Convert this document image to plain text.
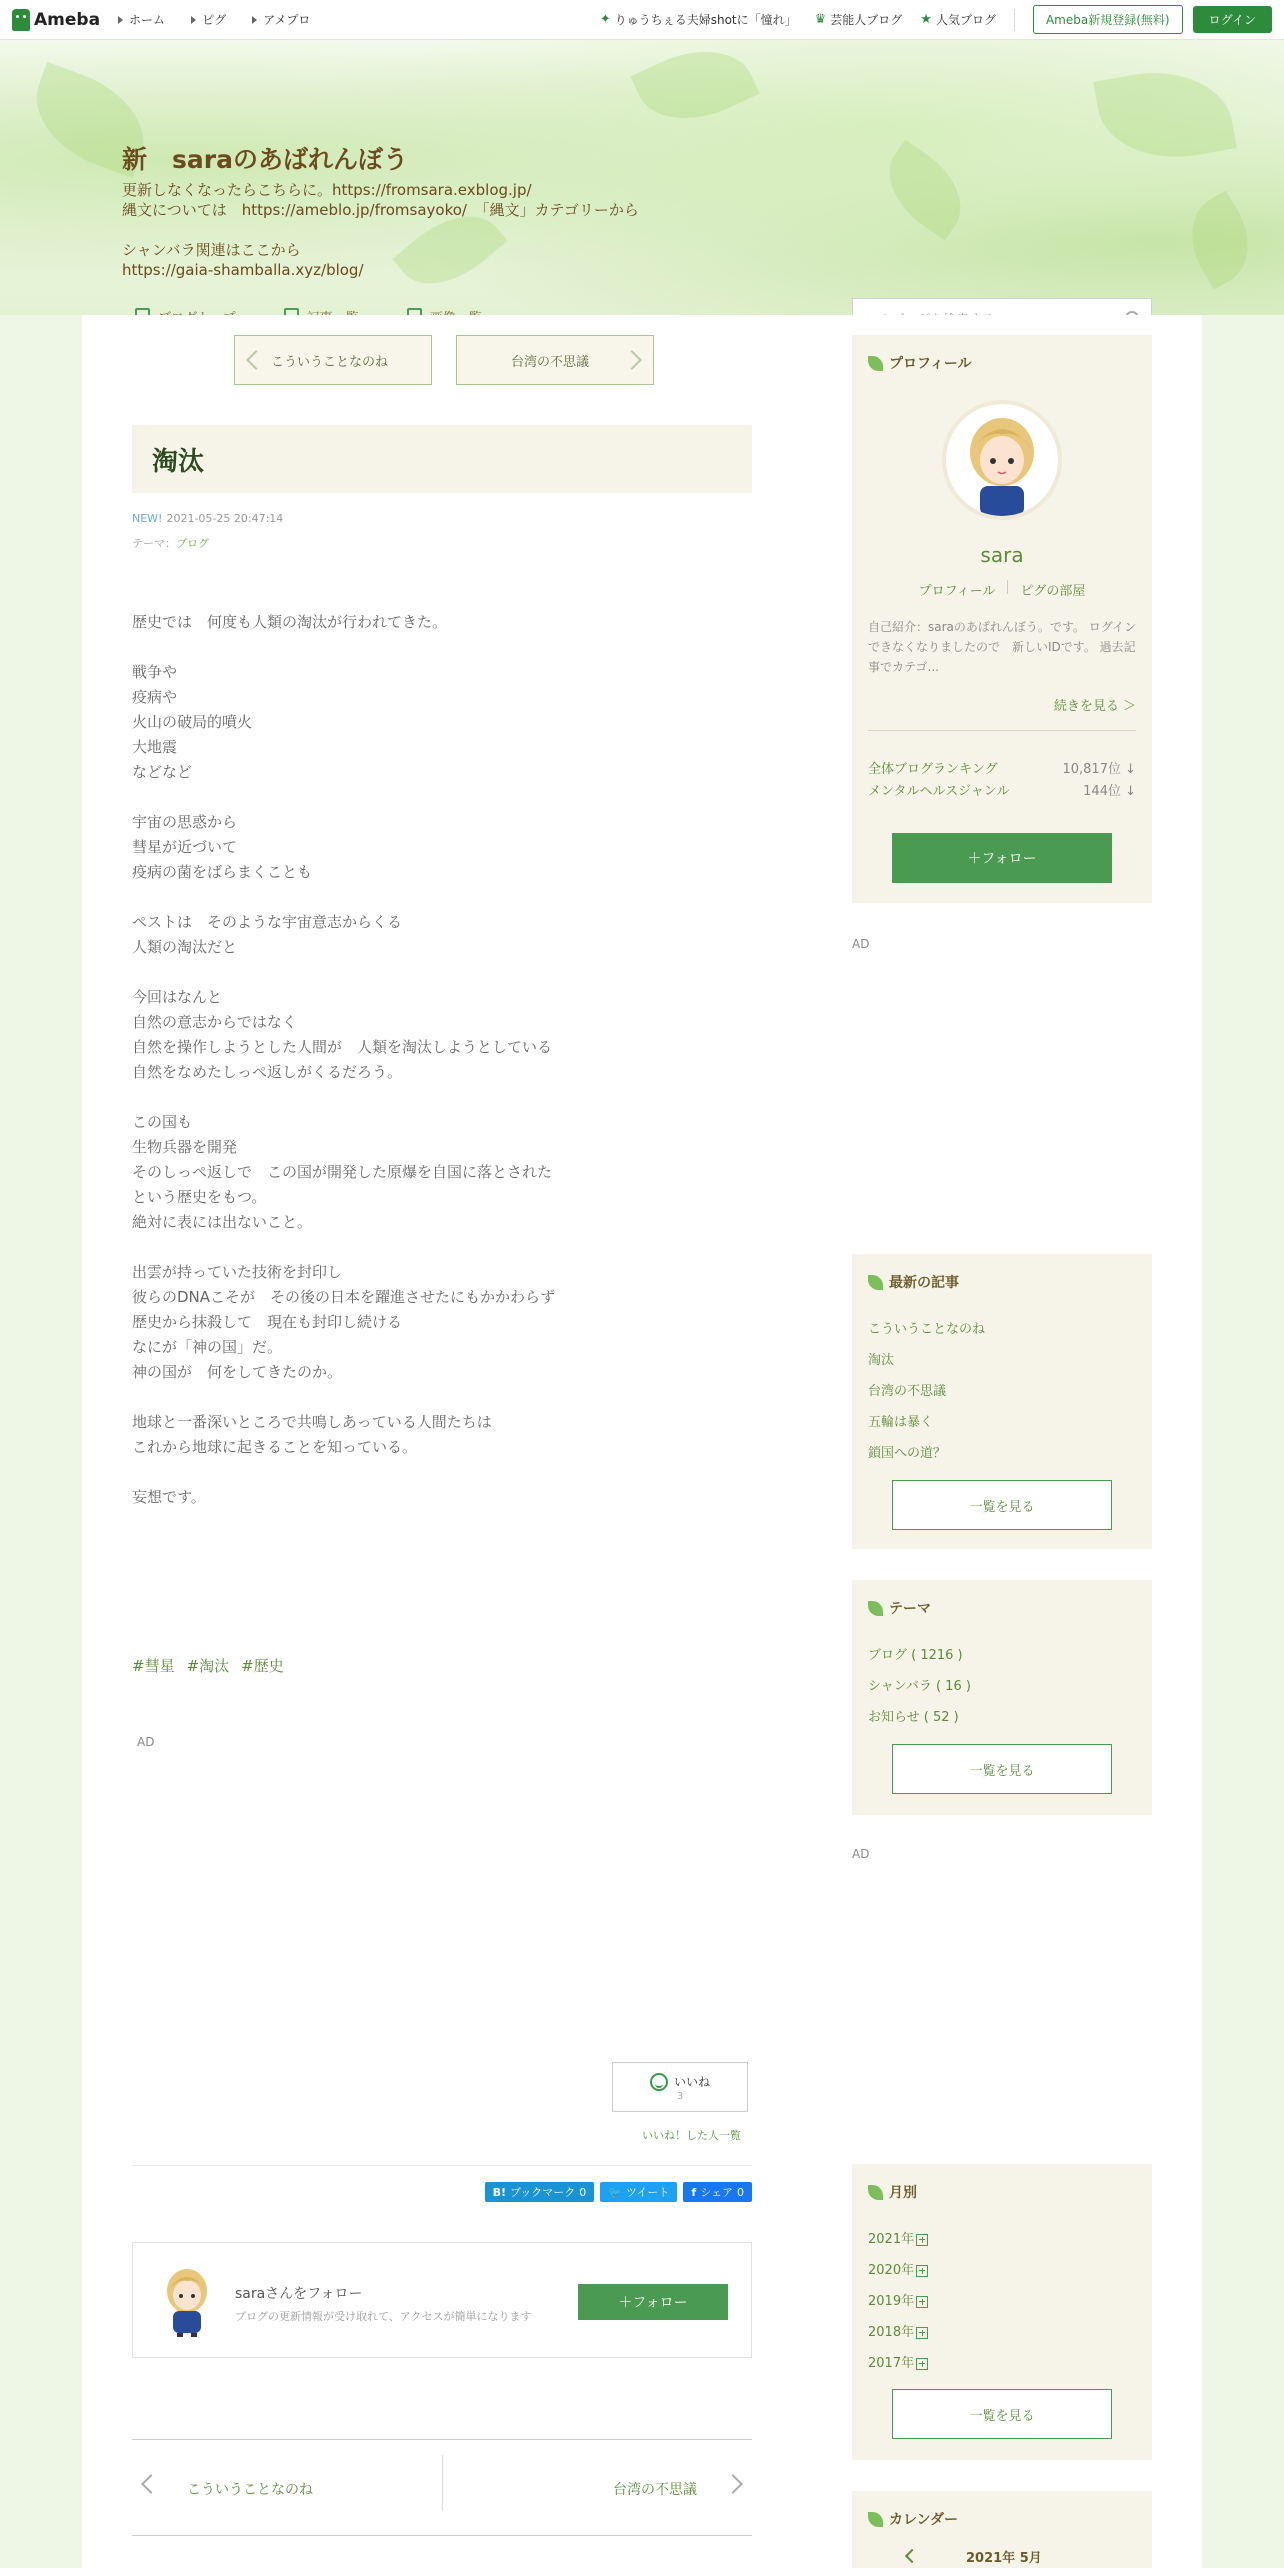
Ameba ホーム	ピグ	アメプロ	✦ りゅうちぇる夫婦shotに「憧れ」 ♛ 芸能人ブログ ★ 人気ブログ	Ameba新規登録(無料)	ログイン
新　saraのあばれんぼう
更新しなくなったらこちらに。https://fromsara.exblog.jp/
縄文については　https://ameblo.jp/fromsayoko/　「縄文」カテゴリーから

シャンバラ関連はここから
https://gaia-shamballa.xyz/blog/
こういうことなのね	台湾の不思議
淘汰
NEW! 2021-05-25 20:47:14
テーマ：ブログ
歴史では　何度も人類の淘汰が行われてきた。

戦争や
疫病や
火山の破局的噴火
大地震
などなど

宇宙の思惑から
彗星が近づいて
疫病の菌をばらまくことも

ペストは　そのような宇宙意志からくる
人類の淘汰だと

今回はなんと
自然の意志からではなく
自然を操作しようとした人間が　人類を淘汰しようとしている
自然をなめたしっぺ返しがくるだろう。

この国も
生物兵器を開発
そのしっぺ返しで　この国が開発した原爆を自国に落とされた
という歴史をもつ。
絶対に表には出ないこと。

出雲が持っていた技術を封印し
彼らのDNAこそが　その後の日本を躍進させたにもかかわらず
歴史から抹殺して　現在も封印し続ける
なにが「神の国」だ。
神の国が　何をしてきたのか。

地球と一番深いところで共鳴しあっている人間たちは
これから地球に起きることを知っている。

妄想です。
#彗星 #淘汰 #歴史
AD
いいね
3
いいね！した人一覧
B! ブックマーク 0 🐦 ツイート f シェア 0
saraさんをフォロー
ブログの更新情報が受け取れて、アクセスが簡単になります
＋フォロー
こういうことなのね	台湾の不思議
プロフィール
sara
プロフィール ピグの部屋
自己紹介：saraのあばれんぼう。です。 ログインできなくなりましたので　新しいIDです。 過去記事でカテゴ...
続きを見る ＞
全体ブログランキング	10,817位 ↓
メンタルヘルスジャンル	144位 ↓
＋フォロー
AD
最新の記事
こういうことなのね
淘汰
台湾の不思議
五輪は暴く
鎖国への道？
一覧を見る
テーマ
ブログ ( 1216 )
シャンバラ ( 16 )
お知らせ ( 52 )
一覧を見る
AD
月別
2021年
2020年
2019年
2018年
2017年
一覧を見る
カレンダー
2021年 5月
